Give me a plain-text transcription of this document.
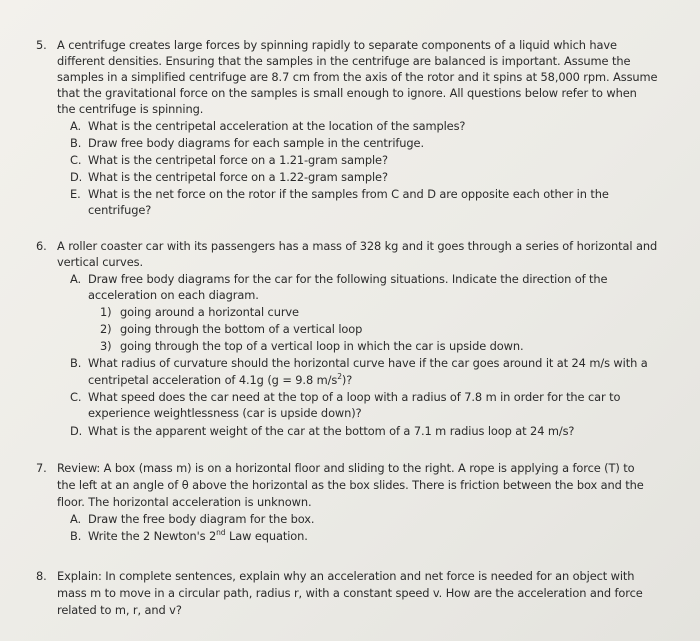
5. A centrifuge creates large forces by spinning rapidly to separate components of a liquid which have
different densities. Ensuring that the samples in the centrifuge are balanced is important. Assume the
samples in a simplified centrifuge are 8.7 cm from the axis of the rotor and it spins at 58,000 rpm. Assume
that the gravitational force on the samples is small enough to ignore. All questions below refer to when
the centrifuge is spinning.
A. What is the centripetal acceleration at the location of the samples?
B. Draw free body diagrams for each sample in the centrifuge.
C. What is the centripetal force on a 1.21-gram sample?
D. What is the centripetal force on a 1.22-gram sample?
E. What is the net force on the rotor if the samples from C and D are opposite each other in the
centrifuge?
6. A roller coaster car with its passengers has a mass of 328 kg and it goes through a series of horizontal and
vertical curves.
A. Draw free body diagrams for the car for the following situations. Indicate the direction of the
acceleration on each diagram.
1) going around a horizontal curve
2) going through the bottom of a vertical loop
3) going through the top of a vertical loop in which the car is upside down.
B. What radius of curvature should the horizontal curve have if the car goes around it at 24 m/s with a
centripetal acceleration of 4.1g (g = 9.8 $m/s^2$)?
C. What speed does the car need at the top of a loop with a radius of 7.8 m in order for the car to
experience weightlessness (car is upside down)?
D. What is the apparent weight of the car at the bottom of a 7.1 m radius loop at 24 m/s?
7. Review: A box (mass m) is on a horizontal floor and sliding to the right. A rope is applying a force (T) to
the left at an angle of θ above the horizontal as the box slides. There is friction between the box and the
floor. The horizontal acceleration is unknown.
A. Draw the free body diagram for the box.
B. Write the 2 Newton's 2nd Law equation.
8. Explain: In complete sentences, explain why an acceleration and net force is needed for an object with
mass m to move in a circular path, radius r, with a constant speed v. How are the acceleration and force
related to m, r, and v?
